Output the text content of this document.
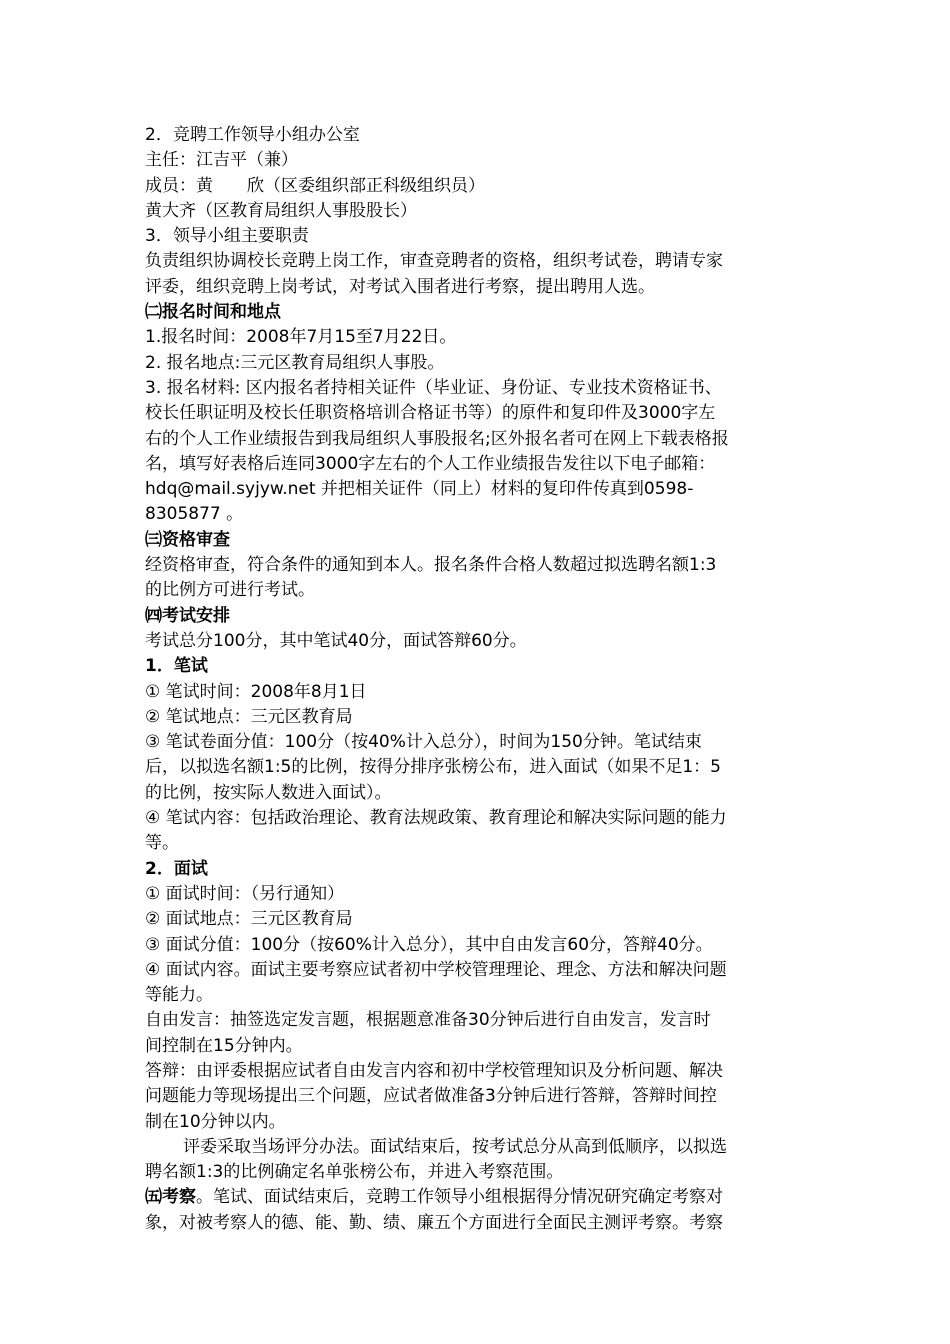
2．竞聘工作领导小组办公室

主任：江吉平（兼）

成员：黄　　欣（区委组织部正科级组织员）

黄大齐（区教育局组织人事股股长）

3．领导小组主要职责

负责组织协调校长竞聘上岗工作，审查竞聘者的资格，组织考试卷，聘请专家

评委，组织竞聘上岗考试，对考试入围者进行考察，提出聘用人选。

㈡报名时间和地点

1.报名时间：2008年7月15至7月22日。

2. 报名地点:三元区教育局组织人事股。

3. 报名材料: 区内报名者持相关证件（毕业证、身份证、专业技术资格证书、

校长任职证明及校长任职资格培训合格证书等）的原件和复印件及3000字左

右的个人工作业绩报告到我局组织人事股报名;区外报名者可在网上下载表格报

名，填写好表格后连同3000字左右的个人工作业绩报告发往以下电子邮箱：

hdq@mail.syjyw.net 并把相关证件（同上）材料的复印件传真到0598-

8305877 。

㈢资格审查

经资格审查，符合条件的通知到本人。报名条件合格人数超过拟选聘名额1:3

的比例方可进行考试。

㈣考试安排

考试总分100分，其中笔试40分，面试答辩60分。

1．笔试

① 笔试时间：2008年8月1日

② 笔试地点：三元区教育局

③ 笔试卷面分值：100分（按40%计入总分），时间为150分钟。笔试结束

后，以拟选名额1:5的比例，按得分排序张榜公布，进入面试（如果不足1：5

的比例，按实际人数进入面试）。

④ 笔试内容：包括政治理论、教育法规政策、教育理论和解决实际问题的能力

等。

2．面试

① 面试时间：（另行通知）

② 面试地点：三元区教育局

③ 面试分值：100分（按60%计入总分），其中自由发言60分，答辩40分。

④ 面试内容。面试主要考察应试者初中学校管理理论、理念、方法和解决问题

等能力。

自由发言：抽签选定发言题，根据题意准备30分钟后进行自由发言，发言时

间控制在15分钟内。

答辩：由评委根据应试者自由发言内容和初中学校管理知识及分析问题、解决

问题能力等现场提出三个问题，应试者做准备3分钟后进行答辩，答辩时间控

制在10分钟以内。

评委采取当场评分办法。面试结束后，按考试总分从高到低顺序，以拟选

聘名额1:3的比例确定名单张榜公布，并进入考察范围。

㈤考察。笔试、面试结束后，竞聘工作领导小组根据得分情况研究确定考察对

象，对被考察人的德、能、勤、绩、廉五个方面进行全面民主测评考察。考察
